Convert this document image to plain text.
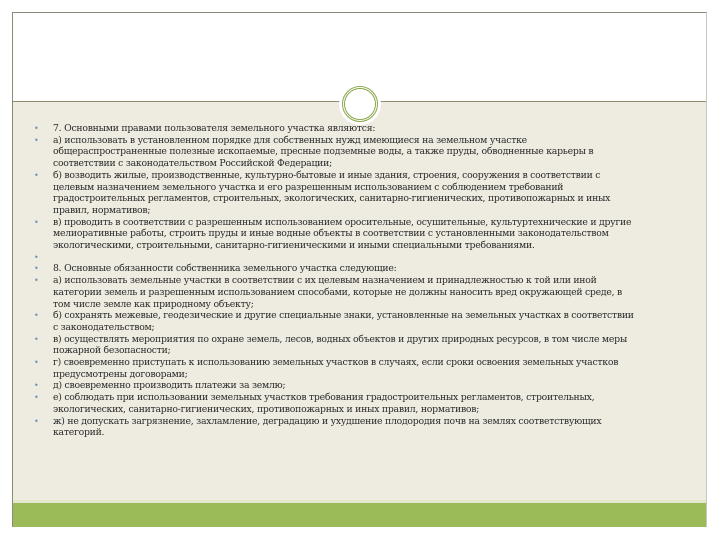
• 7. Основными правами пользователя земельного участка являются:
• а) использовать в установленном порядке для собственных нужд имеющиеся на земельном участке
общераспространенные полезные ископаемые, пресные подземные воды, а также пруды, обводненные карьеры в
соответствии с законодательством Российской Федерации;
• б) возводить жилые, производственные, культурно-бытовые и иные здания, строения, сооружения в соответствии с
целевым назначением земельного участка и его разрешенным использованием с соблюдением требований
градостроительных регламентов, строительных, экологических, санитарно-гигиенических, противопожарных и иных
правил, нормативов;
• в) проводить в соответствии с разрешенным использованием оросительные, осушительные, культуртехнические и другие
мелиоративные работы, строить пруды и иные водные объекты в соответствии с установленными законодательством
экологическими, строительными, санитарно-гигиеническими и иными специальными требованиями.
•

• 8. Основные обязанности собственника земельного участка следующие:
• а) использовать земельные участки в соответствии с их целевым назначением и принадлежностью к той или иной
категории земель и разрешенным использованием способами, которые не должны наносить вред окружающей среде, в
том числе земле как природному объекту;
• б) сохранять межевые, геодезические и другие специальные знаки, установленные на земельных участках в соответствии
с законодательством;
• в) осуществлять мероприятия по охране земель, лесов, водных объектов и других природных ресурсов, в том числе меры
пожарной безопасности;
• г) своевременно приступать к использованию земельных участков в случаях, если сроки освоения земельных участков
предусмотрены договорами;
• д) своевременно производить платежи за землю;
• е) соблюдать при использовании земельных участков требования градостроительных регламентов, строительных,
экологических, санитарно-гигиенических, противопожарных и иных правил, нормативов;
• ж) не допускать загрязнение, захламление, деградацию и ухудшение плодородия почв на землях соответствующих
категорий.
